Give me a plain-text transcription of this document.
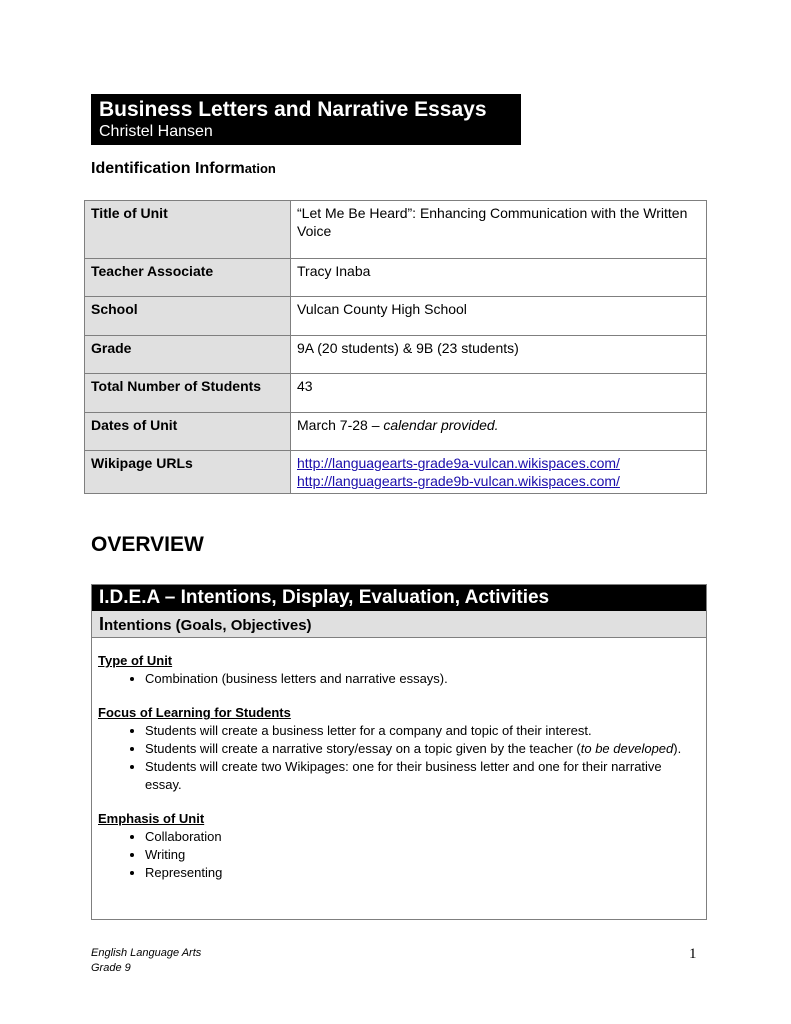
Business Letters and Narrative Essays
Christel Hansen
Identification Information
Title of Unit	“Let Me Be Heard”: Enhancing Communication with the Written Voice
Teacher Associate	Tracy Inaba
School	Vulcan County High School
Grade	9A (20 students) & 9B (23 students)
Total Number of Students	43
Dates of Unit	March 7-28 – calendar provided.
Wikipage URLs	http://languagearts-grade9a-vulcan.wikispaces.com/
http://languagearts-grade9b-vulcan.wikispaces.com/
OVERVIEW
I.D.E.A – Intentions, Display, Evaluation, Activities
Intentions (Goals, Objectives)
Type of Unit
• Combination (business letters and narrative essays).
Focus of Learning for Students
• Students will create a business letter for a company and topic of their interest.
• Students will create a narrative story/essay on a topic given by the teacher (to be developed).
• Students will create two Wikipages: one for their business letter and one for their narrative essay.
Emphasis of Unit
• Collaboration
• Writing
• Representing
English Language Arts
Grade 9
1
